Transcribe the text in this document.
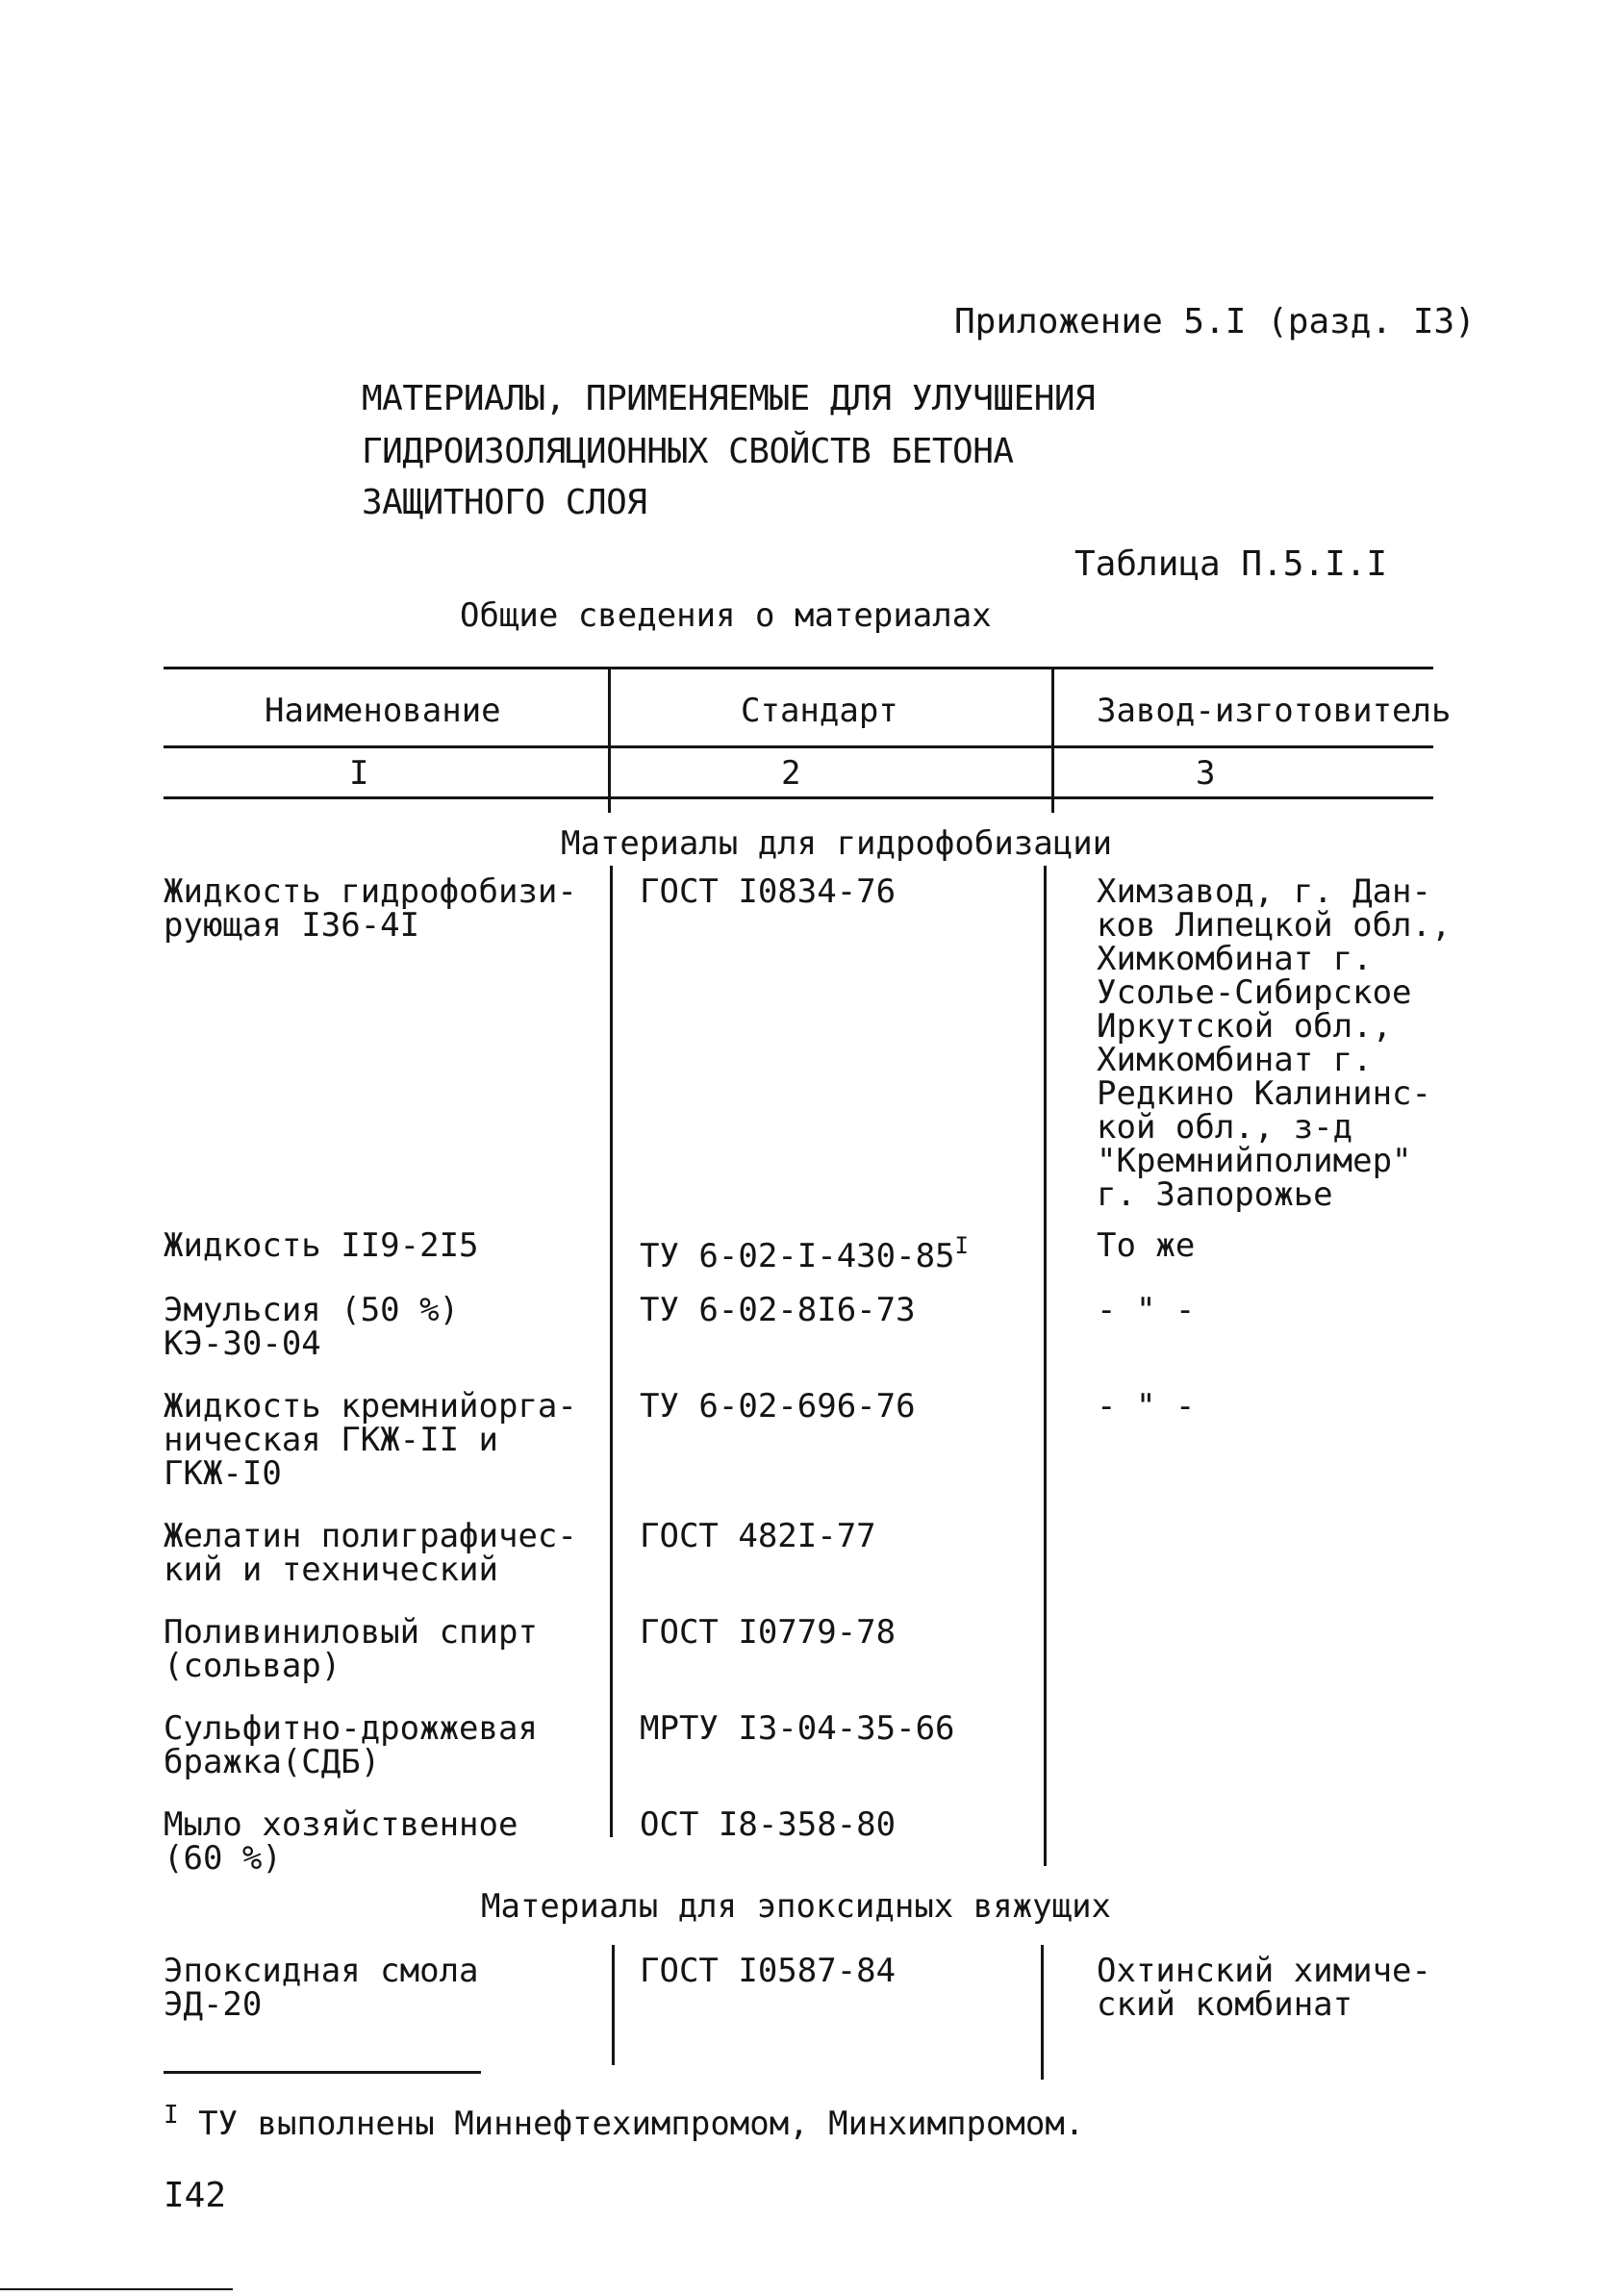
Приложение 5.I (разд. I3)
МАТЕРИАЛЫ, ПРИМЕНЯЕМЫЕ ДЛЯ УЛУЧШЕНИЯ
ГИДРОИЗОЛЯЦИОННЫХ СВОЙСТВ БЕТОНА
ЗАЩИТНОГО СЛОЯ
Таблица П.5.I.I
Общие сведения о материалах
Наименование	Стандарт	Завод-изготовитель
I	2	3
Материалы для гидрофобизации
Жидкость гидрофобизи-
рующая I36-4I
ГОСТ I0834-76	Химзавод, г. Дан-
ков Липецкой обл.,
Химкомбинат г.
Усолье-Сибирское
Иркутской обл.,
Химкомбинат г.
Редкино Калининс-
кой обл., з-д
"Кремнийполимер"
г. Запорожье
Жидкость II9-2I5	ТУ $6-02-I-430-85^I$	То же
Эмульсия (50 %)
КЭ-30-04
ТУ 6-02-8I6-73	- " -
Жидкость кремнийорга-
ническая ГКЖ-II и
ГКЖ-I0
ТУ 6-02-696-76	- " -
Желатин полиграфичес-
кий и технический
ГОСТ 482I-77
Поливиниловый спирт
(сольвар)
ГОСТ I0779-78
Сульфитно-дрожжевая
бражка(СДБ)
МРТУ I3-04-35-66
Мыло хозяйственное
(60 %)
ОСТ I8-358-80
Материалы для эпоксидных вяжущих
Эпоксидная смола
ЭД-20
ГОСТ I0587-84	Охтинский химиче-
ский комбинат
$^I$ ТУ выполнены Миннефтехимпромом, Минхимпромом.
I42
